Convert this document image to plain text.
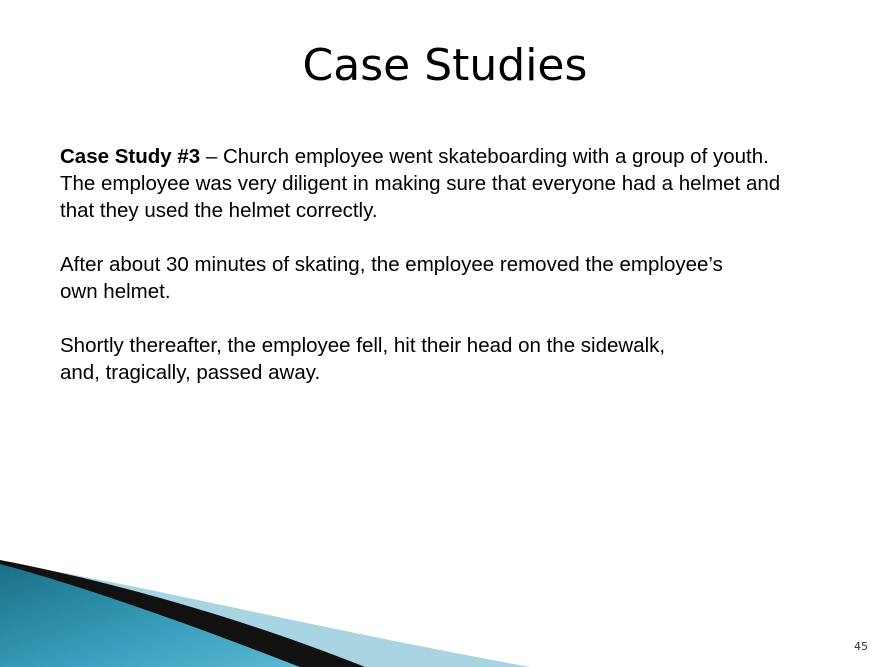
Case Studies
Case Study #3 – Church employee went skateboarding with a group of youth.
The employee was very diligent in making sure that everyone had a helmet and
that they used the helmet correctly.
After about 30 minutes of skating, the employee removed the employee’s
own helmet.
Shortly thereafter, the employee fell, hit their head on the sidewalk,
and, tragically, passed away.
45
